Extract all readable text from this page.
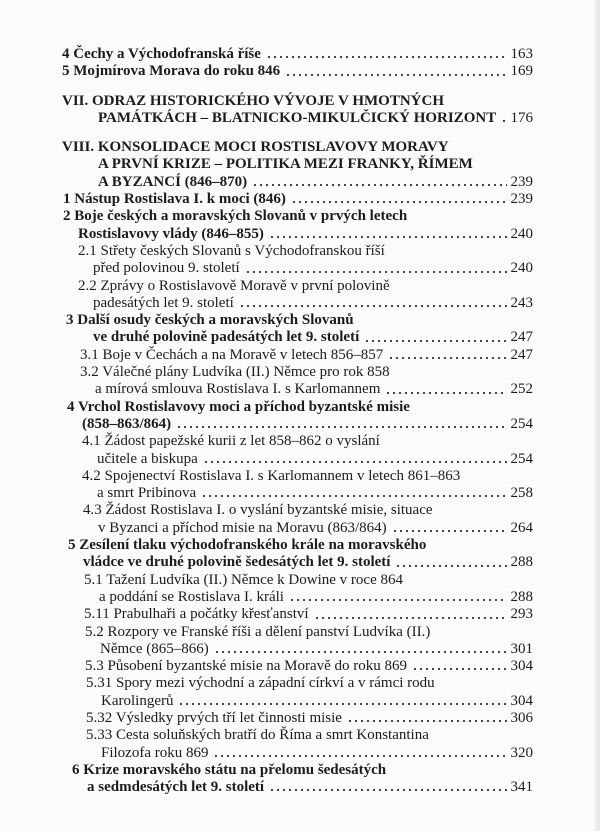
4 Čechy a Východofranská říše	163
5 Mojmírova Morava do roku 846	169
VII. ODRAZ HISTORICKÉHO VÝVOJE V HMOTNÝCH
PAMÁTKÁCH – BLATNICKO-MIKULČICKÝ HORIZONT 176
VIII. KONSOLIDACE MOCI ROSTISLAVOVY MORAVY
A PRVNÍ KRIZE – POLITIKA MEZI FRANKY, ŘÍMEM
A BYZANCÍ (846–870)	239
1 Nástup Rostislava I. k moci (846)	239
2 Boje českých a moravských Slovanů v prvých letech
Rostislavovy vlády (846–855)	240
2.1 Střety českých Slovanů s Východofranskou říší
před polovinou 9. století	240
2.2 Zprávy o Rostislavově Moravě v první polovině
padesátých let 9. století	243
3 Další osudy českých a moravských Slovanů
ve druhé polovině padesátých let 9. století	247
3.1 Boje v Čechách a na Moravě v letech 856–857	247
3.2 Válečné plány Ludvíka (II.) Němce pro rok 858
a mírová smlouva Rostislava I. s Karlomannem	252
4 Vrchol Rostislavovy moci a příchod byzantské misie
(858–863/864)	254
4.1 Žádost papežské kurii z let 858–862 o vyslání
učitele a biskupa	254
4.2 Spojenectví Rostislava I. s Karlomannem v letech 861–863
a smrt Pribinova	258
4.3 Žádost Rostislava I. o vyslání byzantské misie, situace
v Byzanci a příchod misie na Moravu (863/864)	264
5 Zesílení tlaku východofranského krále na moravského
vládce ve druhé polovině šedesátých let 9. století	288
5.1 Tažení Ludvíka (II.) Němce k Dowine v roce 864
a poddání se Rostislava I. králi	288
5.11 Prabulhaři a počátky křesťanství	293
5.2 Rozpory ve Franské říši a dělení panství Ludvíka (II.)
Němce (865–866)	301
5.3 Působení byzantské misie na Moravě do roku 869	304
5.31 Spory mezi východní a západní církví a v rámci rodu
Karolingerů	304
5.32 Výsledky prvých tří let činnosti misie	306
5.33 Cesta soluňských bratří do Říma a smrt Konstantina
Filozofa roku 869	320
6 Krize moravského státu na přelomu šedesátých
a sedmdesátých let 9. století	341
